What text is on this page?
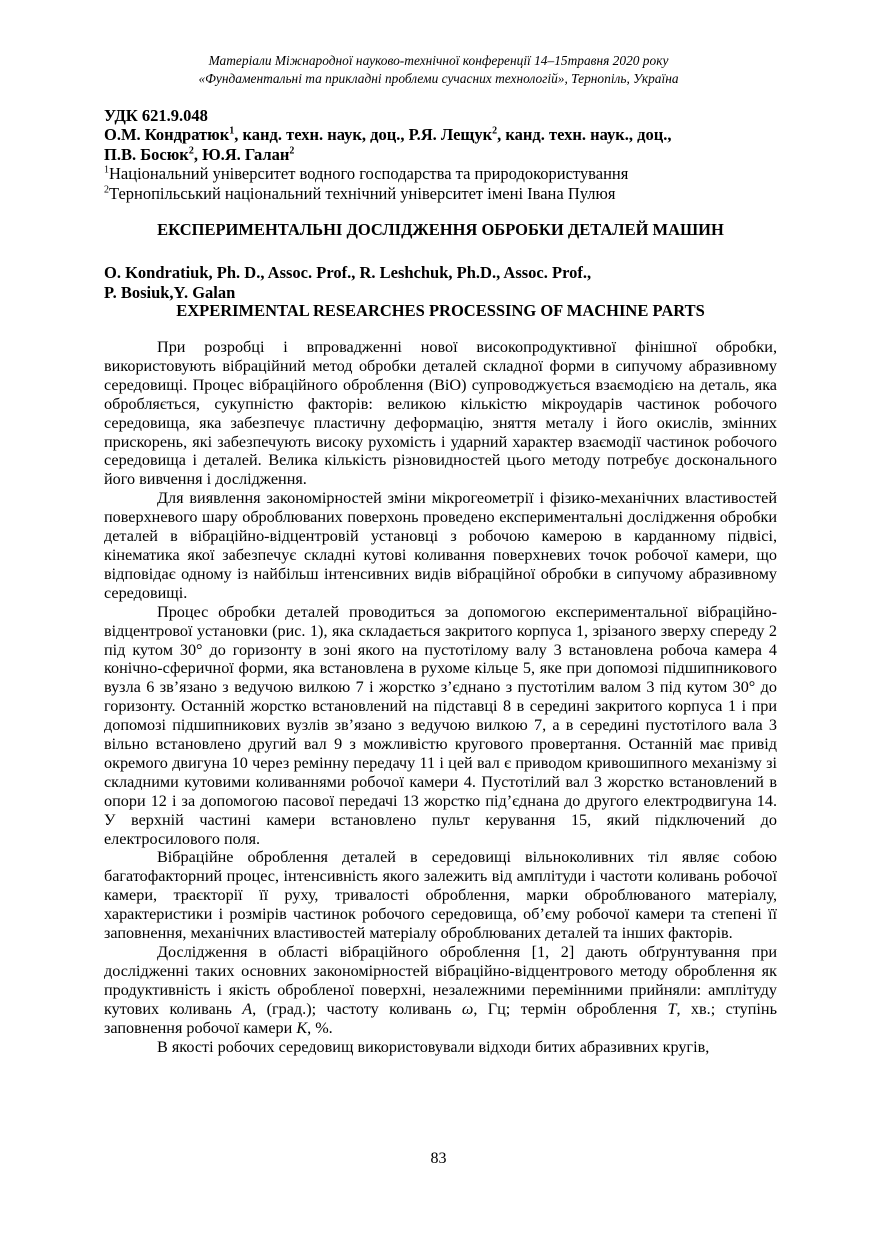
Матеріали Міжнародної науково-технічної конференції 14–15травня 2020 року
«Фундаментальні та прикладні проблеми сучасних технологій», Тернопіль, Україна
УДК 621.9.048
О.М. Кондратюк$^1$, канд. техн. наук, доц., Р.Я. Лещук$^2$, канд. техн. наук., доц.,
П.В. Босюк$^2$, Ю.Я. Галан$^2$
$^1$Національний університет водного господарства та природокористування
$^2$Тернопільський національний технічний університет імені Івана Пулюя
ЕКСПЕРИМЕНТАЛЬНІ ДОСЛІДЖЕННЯ ОБРОБКИ ДЕТАЛЕЙ МАШИН
O. Kondratiuk, Ph. D., Assoc. Prof., R. Leshchuk, Ph.D., Assoc. Prof.,
P. Bosiuk,Y. Galan
EXPERIMENTAL RESEARCHES PROCESSING OF MACHINE PARTS

При розробці і впровадженні нової високопродуктивної фінішної обробки, використовують вібраційний метод обробки деталей складної форми в сипучому абразивному середовищі. Процес вібраційного оброблення (ВіО) супроводжується взаємодією на деталь, яка обробляється, сукупністю факторів: великою кількістю мікроударів частинок робочого середовища, яка забезпечує пластичну деформацію, зняття металу і його окислів, змінних прискорень, які забезпечують високу рухомість і ударний характер взаємодії частинок робочого середовища і деталей. Велика кількість різновидностей цього методу потребує досконального його вивчення і дослідження.

Для виявлення закономірностей зміни мікрогеометрії і фізико-механічних властивостей поверхневого шару оброблюваних поверхонь проведено експериментальні дослідження обробки деталей в вібраційно-відцентровій установці з робочою камерою в карданному підвісі, кінематика якої забезпечує складні кутові коливання поверхневих точок робочої камери, що відповідає одному із найбільш інтенсивних видів вібраційної обробки в сипучому абразивному середовищі.

Процес обробки деталей проводиться за допомогою експериментальної вібраційно-відцентрової установки (рис. 1), яка складається закритого корпуса 1, зрізаного зверху спереду 2 під кутом 30° до горизонту в зоні якого на пустотілому валу 3 встановлена робоча камера 4 конічно-сферичної форми, яка встановлена в рухоме кільце 5, яке при допомозі підшипникового вузла 6 зв’язано з ведучою вилкою 7 і жорстко з’єднано з пустотілим валом 3 під кутом 30° до горизонту. Останній жорстко встановлений на підставці 8 в середині закритого корпуса 1 і при допомозі підшипникових вузлів зв’язано з ведучою вилкою 7, а в середині пустотілого вала 3 вільно встановлено другий вал 9 з можливістю кругового провертання. Останній має привід окремого двигуна 10 через ремінну передачу 11 і цей вал є приводом кривошипного механізму зі складними кутовими коливаннями робочої камери 4. Пустотілий вал 3 жорстко встановлений в опори 12 і за допомогою пасової передачі 13 жорстко під’єднана до другого електродвигуна 14. У верхній частині камери встановлено пульт керування 15, який підключений до електросилового поля.

Вібраційне оброблення деталей в середовищі вільноколивних тіл являє собою багатофакторний процес, інтенсивність якого залежить від амплітуди і частоти коливань робочої камери, траєкторії її руху, тривалості оброблення, марки оброблюваного матеріалу, характеристики і розмірів частинок робочого середовища, об’єму робочої камери та степені її заповнення, механічних властивостей матеріалу оброблюваних деталей та інших факторів.

Дослідження в області вібраційного оброблення [1, 2] дають обґрунтування при дослідженні таких основних закономірностей вібраційно-відцентрового методу оброблення як продуктивність і якість обробленої поверхні, незалежними перемінними прийняли: амплітуду кутових коливань А, (град.); частоту коливань ω, Гц; термін оброблення Т, хв.; ступінь заповнення робочої камери К, %.

В якості робочих середовищ використовували відходи битих абразивних кругів,

83
